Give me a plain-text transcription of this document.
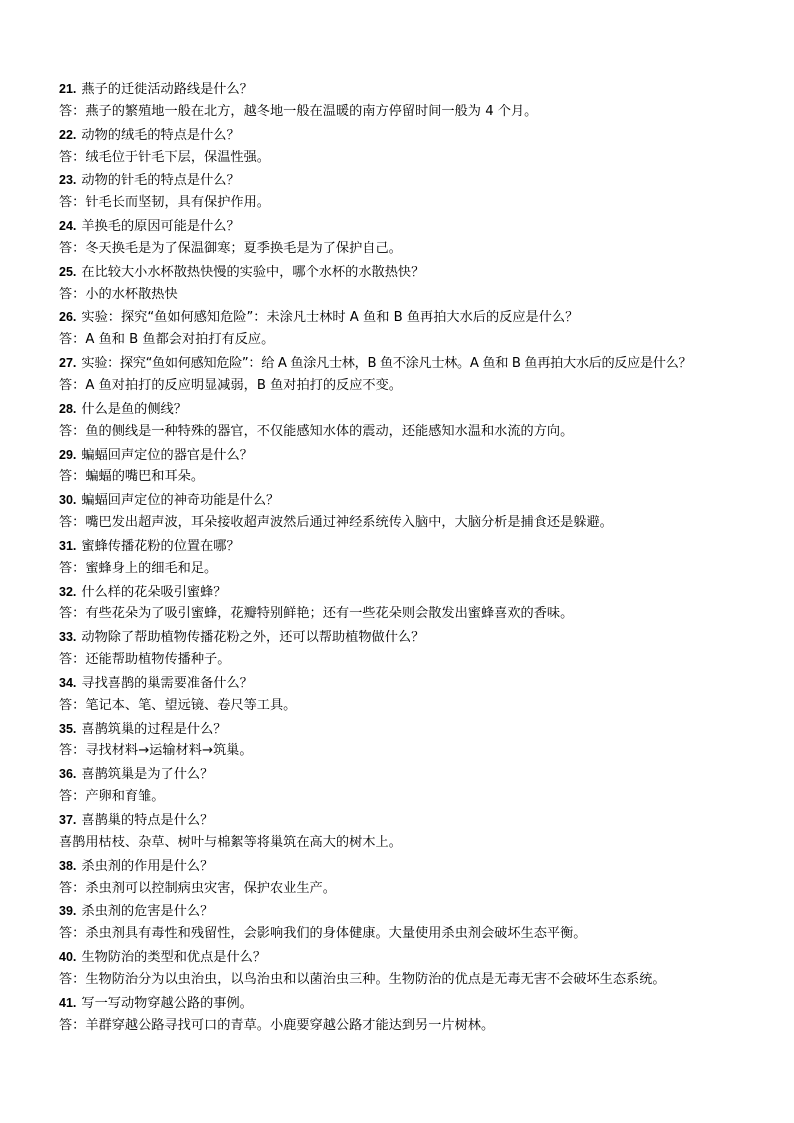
21. 燕子的迁徙活动路线是什么？
答：燕子的繁殖地一般在北方，越冬地一般在温暖的南方停留时间一般为 4 个月。
22. 动物的绒毛的特点是什么？
答：绒毛位于针毛下层，保温性强。
23. 动物的针毛的特点是什么？
答：针毛长而坚韧，具有保护作用。
24. 羊换毛的原因可能是什么？
答：冬天换毛是为了保温御寒；夏季换毛是为了保护自己。
25. 在比较大小水杯散热快慢的实验中，哪个水杯的水散热快？
答：小的水杯散热快
26. 实验：探究“鱼如何感知危险”：未涂凡士林时 A 鱼和 B 鱼再拍大水后的反应是什么？
答：A 鱼和 B 鱼都会对拍打有反应。
27. 实验：探究“鱼如何感知危险”：给 A 鱼涂凡士林，B 鱼不涂凡士林。A 鱼和 B 鱼再拍大水后的反应是什么？
答：A 鱼对拍打的反应明显减弱，B 鱼对拍打的反应不变。
28. 什么是鱼的侧线？
答：鱼的侧线是一种特殊的器官，不仅能感知水体的震动，还能感知水温和水流的方向。
29. 蝙蝠回声定位的器官是什么？
答：蝙蝠的嘴巴和耳朵。
30. 蝙蝠回声定位的神奇功能是什么？
答：嘴巴发出超声波，耳朵接收超声波然后通过神经系统传入脑中，大脑分析是捕食还是躲避。
31. 蜜蜂传播花粉的位置在哪？
答：蜜蜂身上的细毛和足。
32. 什么样的花朵吸引蜜蜂？
答：有些花朵为了吸引蜜蜂，花瓣特别鲜艳；还有一些花朵则会散发出蜜蜂喜欢的香味。
33. 动物除了帮助植物传播花粉之外，还可以帮助植物做什么？
答：还能帮助植物传播种子。
34. 寻找喜鹊的巢需要准备什么？
答：笔记本、笔、望远镜、卷尺等工具。
35. 喜鹊筑巢的过程是什么？
答：寻找材料→运输材料→筑巢。
36. 喜鹊筑巢是为了什么？
答：产卵和育雏。
37. 喜鹊巢的特点是什么？
喜鹊用枯枝、杂草、树叶与棉絮等将巢筑在高大的树木上。
38. 杀虫剂的作用是什么？
答：杀虫剂可以控制病虫灾害，保护农业生产。
39. 杀虫剂的危害是什么？
答：杀虫剂具有毒性和残留性，会影响我们的身体健康。大量使用杀虫剂会破坏生态平衡。
40. 生物防治的类型和优点是什么？
答：生物防治分为以虫治虫，以鸟治虫和以菌治虫三种。生物防治的优点是无毒无害不会破坏生态系统。
41. 写一写动物穿越公路的事例。
答：羊群穿越公路寻找可口的青草。小鹿要穿越公路才能达到另一片树林。
